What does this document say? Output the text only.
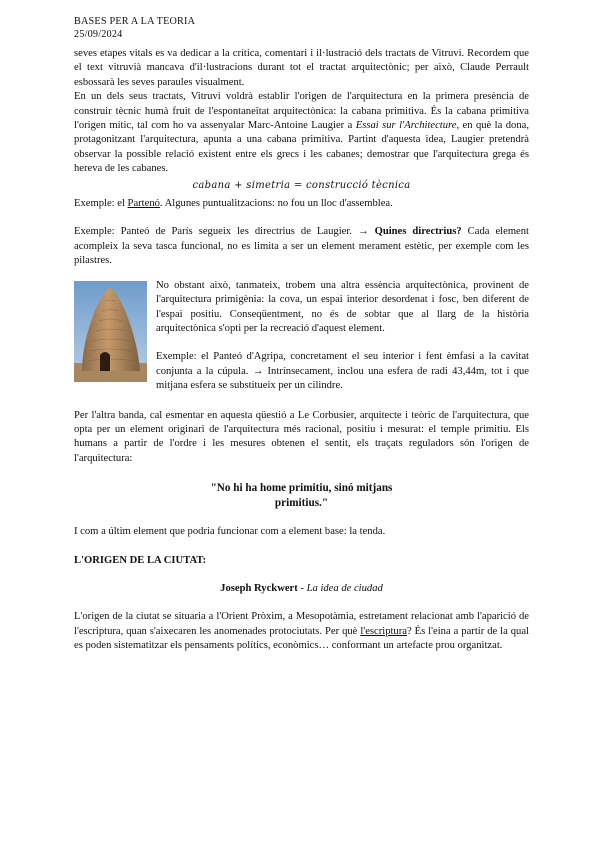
BASES PER A LA TEORIA
25/09/2024

seves etapes vitals es va dedicar a la crítica, comentari i il·lustració dels tractats de Vitruvi. Recordem que el text vitruvià mancava d'il·lustracions durant tot el tractat arquitectònic; per això, Claude Perrault esbossarà les seves paraules visualment.

En un dels seus tractats, Vitruvi voldrà establir l'origen de l'arquitectura en la primera presència de construir tècnic humà fruit de l'espontaneïtat arquitectònica: la cabana primitiva. És la cabana primitiva l'origen mític, tal com ho va assenyalar Marc-Antoine Laugier a Essai sur l'Architecture, en què la dona, protagonitzant l'arquitectura, apunta a una cabana primitiva. Partint d'aquesta idea, Laugier pretendrà observar la possible relació existent entre els grecs i les cabanes; demostrar que l'arquitectura grega és hereva de les cabanes.

cabana + simetria = construcció tècnica

Exemple: el Partenó. Algunes puntualitzacions: no fou un lloc d'assemblea.

Exemple: Panteó de París segueix les directrius de Laugier. → Quines directrius? Cada element acompleix la seva tasca funcional, no es limita a ser un element merament estètic, per exemple com les pilastres.

No obstant això, tanmateix, trobem una altra essència arquitectònica, provinent de l'arquitectura primigènia: la cova, un espai interior desordenat i fosc, ben diferent de l'espai positiu. Conseqüentment, no és de sobtar que al llarg de la història arquitectònica s'opti per la recreació d'aquest element.

Exemple: el Panteó d'Agripa, concretament el seu interior i fent èmfasi a la cavitat conjunta a la cúpula. → Intrínsecament, inclou una esfera de radi 43,44m, tot i que mitjana esfera se substitueix per un cilindre.

Per l'altra banda, cal esmentar en aquesta qüestió a Le Corbusier, arquitecte i teòric de l'arquitectura, que opta per un element originari de l'arquitectura més racional, positiu i mesurat: el temple primitiu. Els humans a partir de l'ordre i les mesures obtenen el sentit, els traçats reguladors són l'origen de l'arquitectura:

"No hi ha home primitiu, sinó mitjans primitius."

I com a últim element que podria funcionar com a element base: la tenda.

L'ORIGEN DE LA CIUTAT:

Joseph Ryckwert - La idea de ciudad

L'origen de la ciutat se situaria a l'Orient Pròxim, a Mesopotàmia, estretament relacionat amb l'aparició de l'escriptura, quan s'aixecaren les anomenades protociutats. Per què l'escriptura? És l'eina a partir de la qual es poden sistematitzar els pensaments polítics, econòmics… conformant un artefacte prou organitzat.
